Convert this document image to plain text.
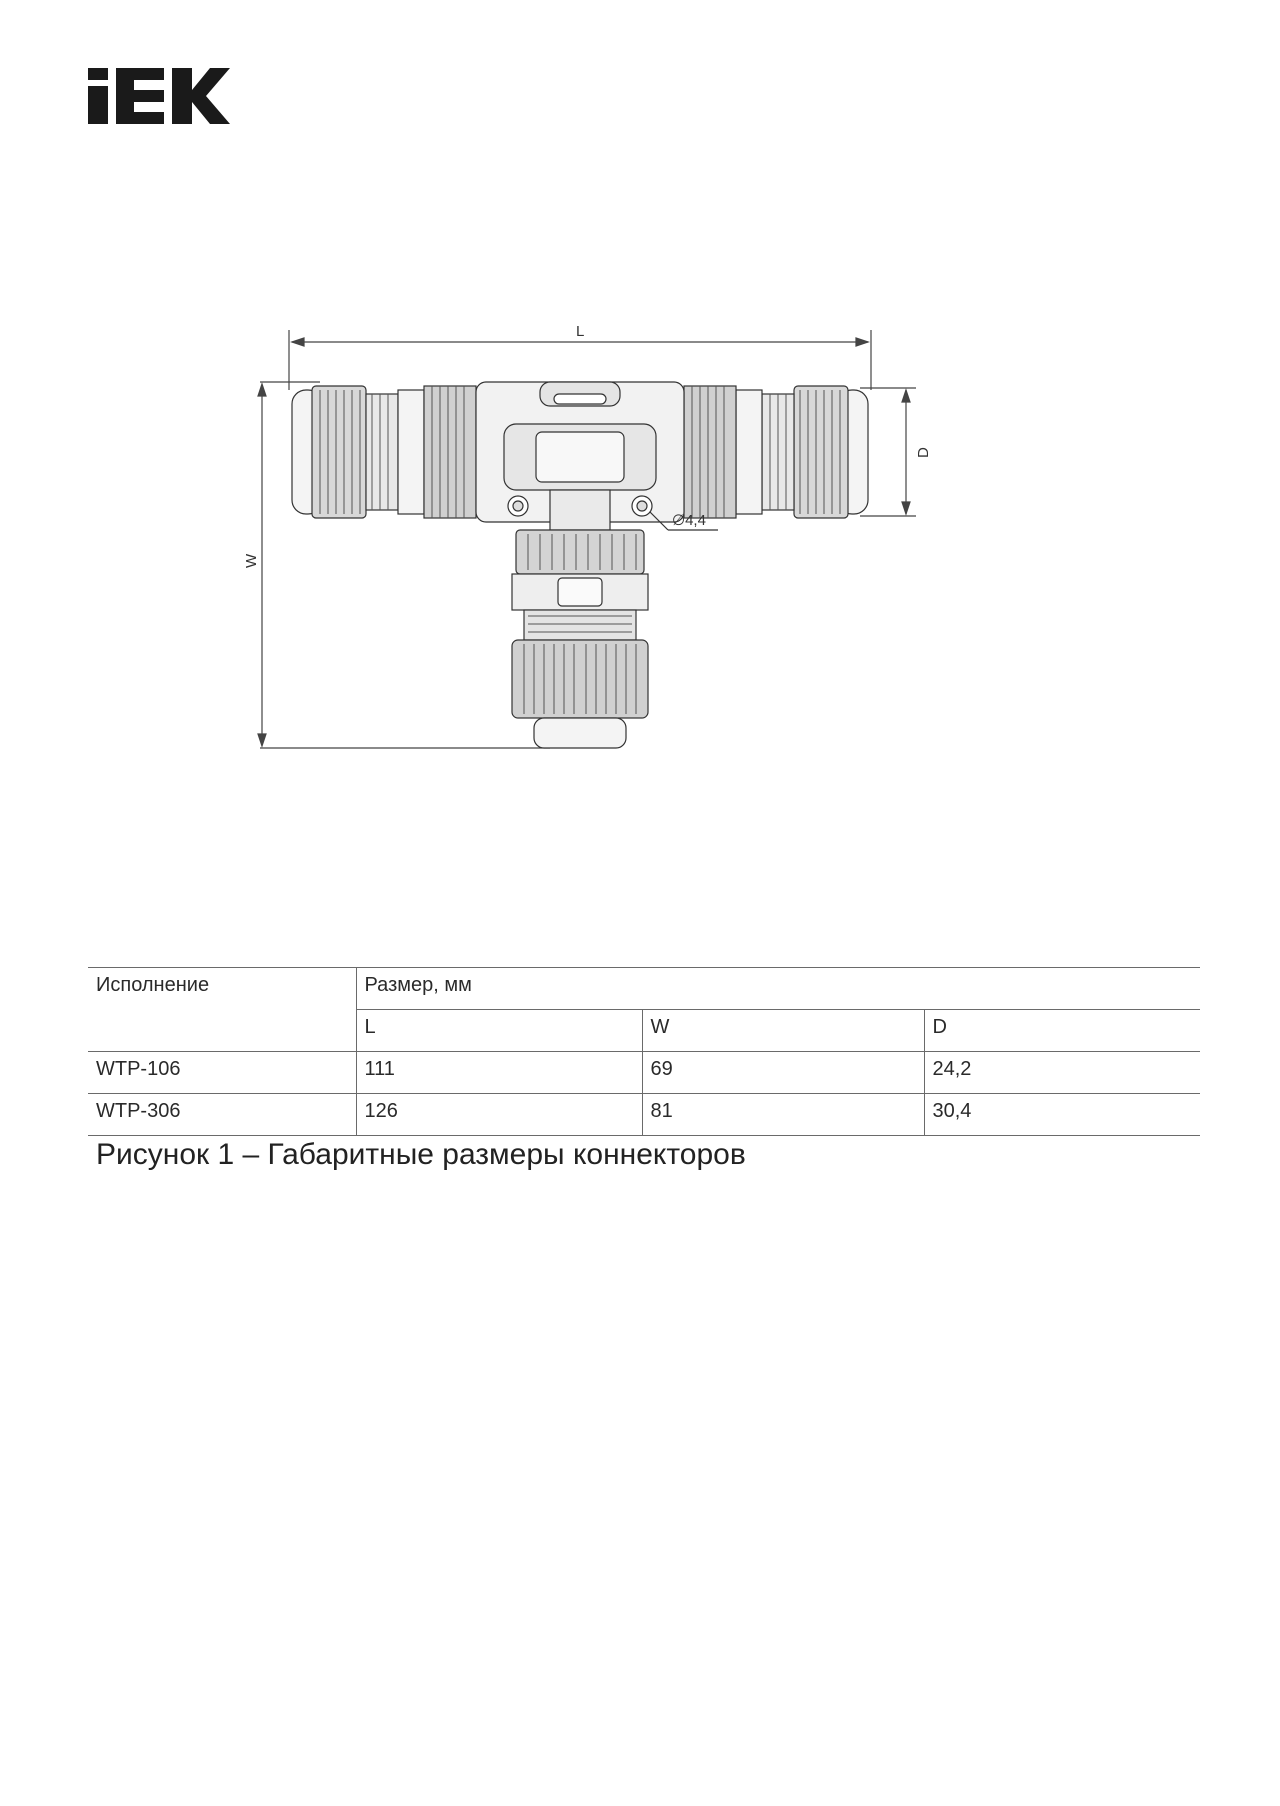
L
W
D
∅4,4
Исполнение	Размер, мм		
	L	W	D
WTP-106	111	69	24,2
WTP-306	126	81	30,4
Рисунок 1 – Габаритные размеры коннекторов
